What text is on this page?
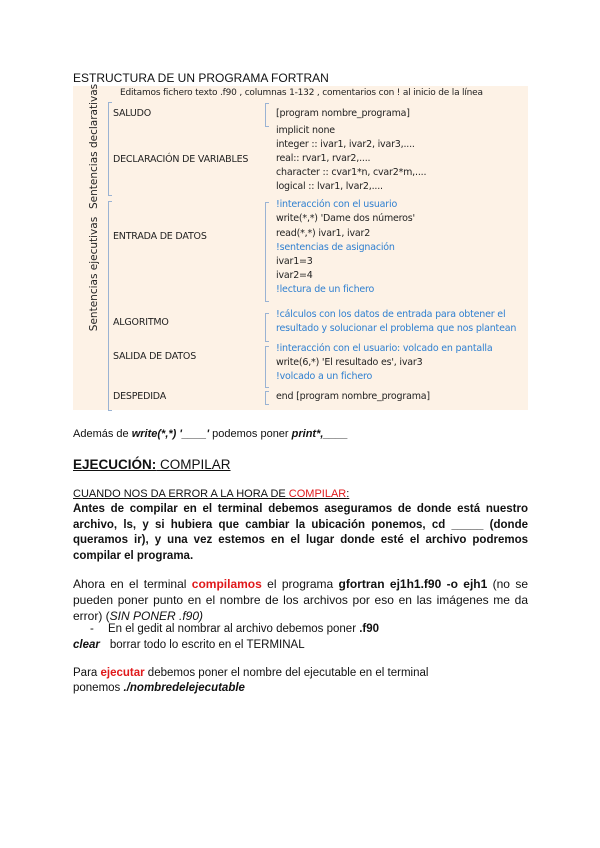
ESTRUCTURA DE UN PROGRAMA FORTRAN
Editamos fichero texto .f90 , columnas 1-132 , comentarios con ! al inicio de la línea
Sentencias declarativas
Sentencias ejecutivas
SALUDO	[program nombre_programa]
DECLARACIÓN DE VARIABLES
implicit none
integer :: ivar1, ivar2, ivar3,....
real:: rvar1, rvar2,....
character :: cvar1*n, cvar2*m,....
logical :: lvar1, lvar2,....
ENTRADA DE DATOS
!interacción con el usuario
write(*,*) 'Dame dos números'
read(*,*) ivar1, ivar2
!sentencias de asignación
ivar1=3
ivar2=4
!lectura de un fichero
ALGORITMO
!cálculos con los datos de entrada para obtener el
resultado y solucionar el problema que nos plantean
SALIDA DE DATOS
!interacción con el usuario: volcado en pantalla
write(6,*) 'El resultado es', ivar3
!volcado a un fichero
DESPEDIDA	end [program nombre_programa]
Además de write(*,*) '____' podemos poner print*,____
EJECUCIÓN: COMPILAR
CUANDO NOS DA ERROR A LA HORA DE COMPILAR:
Antes de compilar en el terminal debemos aseguramos de donde está nuestro archivo, ls, y si hubiera que cambiar la ubicación ponemos, cd _____ (donde queramos ir), y una vez estemos en el lugar donde esté el archivo podremos compilar el programa.
Ahora en el terminal compilamos el programa gfortran ej1h1.f90 -o ejh1 (no se pueden poner punto en el nombre de los archivos por eso en las imágenes me da error) (SIN PONER .f90)
- En el gedit al nombrar al archivo debemos poner .f90
clear borrar todo lo escrito en el TERMINAL
Para ejecutar debemos poner el nombre del ejecutable en el terminal
ponemos ./nombredelejecutable
